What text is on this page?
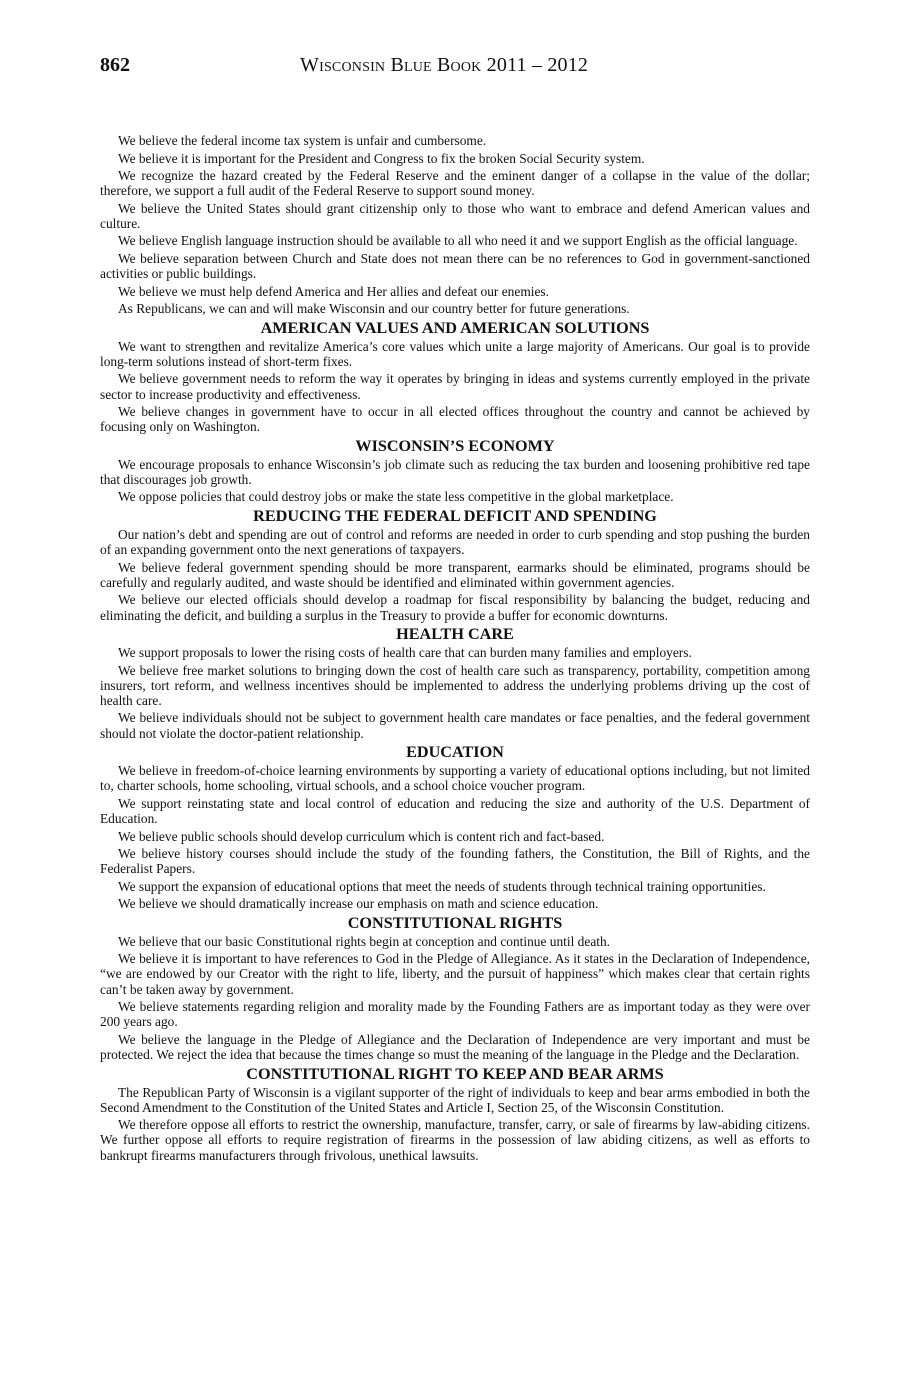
862	Wisconsin Blue Book 2011 – 2012

We believe the federal income tax system is unfair and cumbersome.

We believe it is important for the President and Congress to fix the broken Social Security system.

We recognize the hazard created by the Federal Reserve and the eminent danger of a collapse in the value of the dollar; therefore, we support a full audit of the Federal Reserve to support sound money.

We believe the United States should grant citizenship only to those who want to embrace and defend American values and culture.

We believe English language instruction should be available to all who need it and we support English as the official language.

We believe separation between Church and State does not mean there can be no references to God in government-sanctioned activities or public buildings.

We believe we must help defend America and Her allies and defeat our enemies.

As Republicans, we can and will make Wisconsin and our country better for future generations.

AMERICAN VALUES AND AMERICAN SOLUTIONS

We want to strengthen and revitalize America’s core values which unite a large majority of Americans. Our goal is to provide long-term solutions instead of short-term fixes.

We believe government needs to reform the way it operates by bringing in ideas and systems currently employed in the private sector to increase productivity and effectiveness.

We believe changes in government have to occur in all elected offices throughout the country and cannot be achieved by focusing only on Washington.

WISCONSIN’S ECONOMY

We encourage proposals to enhance Wisconsin’s job climate such as reducing the tax burden and loosening prohibitive red tape that discourages job growth.

We oppose policies that could destroy jobs or make the state less competitive in the global marketplace.

REDUCING THE FEDERAL DEFICIT AND SPENDING

Our nation’s debt and spending are out of control and reforms are needed in order to curb spending and stop pushing the burden of an expanding government onto the next generations of taxpayers.

We believe federal government spending should be more transparent, earmarks should be eliminated, programs should be carefully and regularly audited, and waste should be identified and eliminated within government agencies.

We believe our elected officials should develop a roadmap for fiscal responsibility by balancing the budget, reducing and eliminating the deficit, and building a surplus in the Treasury to provide a buffer for economic downturns.

HEALTH CARE

We support proposals to lower the rising costs of health care that can burden many families and employers.

We believe free market solutions to bringing down the cost of health care such as transparency, portability, competition among insurers, tort reform, and wellness incentives should be implemented to address the underlying problems driving up the cost of health care.

We believe individuals should not be subject to government health care mandates or face penalties, and the federal government should not violate the doctor-patient relationship.

EDUCATION

We believe in freedom-of-choice learning environments by supporting a variety of educational options including, but not limited to, charter schools, home schooling, virtual schools, and a school choice voucher program.

We support reinstating state and local control of education and reducing the size and authority of the U.S. Department of Education.

We believe public schools should develop curriculum which is content rich and fact-based.

We believe history courses should include the study of the founding fathers, the Constitution, the Bill of Rights, and the Federalist Papers.

We support the expansion of educational options that meet the needs of students through technical training opportunities.

We believe we should dramatically increase our emphasis on math and science education.

CONSTITUTIONAL RIGHTS

We believe that our basic Constitutional rights begin at conception and continue until death.

We believe it is important to have references to God in the Pledge of Allegiance. As it states in the Declaration of Independence, “we are endowed by our Creator with the right to life, liberty, and the pursuit of happiness” which makes clear that certain rights can’t be taken away by government.

We believe statements regarding religion and morality made by the Founding Fathers are as important today as they were over 200 years ago.

We believe the language in the Pledge of Allegiance and the Declaration of Independence are very important and must be protected. We reject the idea that because the times change so must the meaning of the language in the Pledge and the Declaration.

CONSTITUTIONAL RIGHT TO KEEP AND BEAR ARMS

The Republican Party of Wisconsin is a vigilant supporter of the right of individuals to keep and bear arms embodied in both the Second Amendment to the Constitution of the United States and Article I, Section 25, of the Wisconsin Constitution.

We therefore oppose all efforts to restrict the ownership, manufacture, transfer, carry, or sale of firearms by law-abiding citizens. We further oppose all efforts to require registration of firearms in the possession of law abiding citizens, as well as efforts to bankrupt firearms manufacturers through frivolous, unethical lawsuits.
